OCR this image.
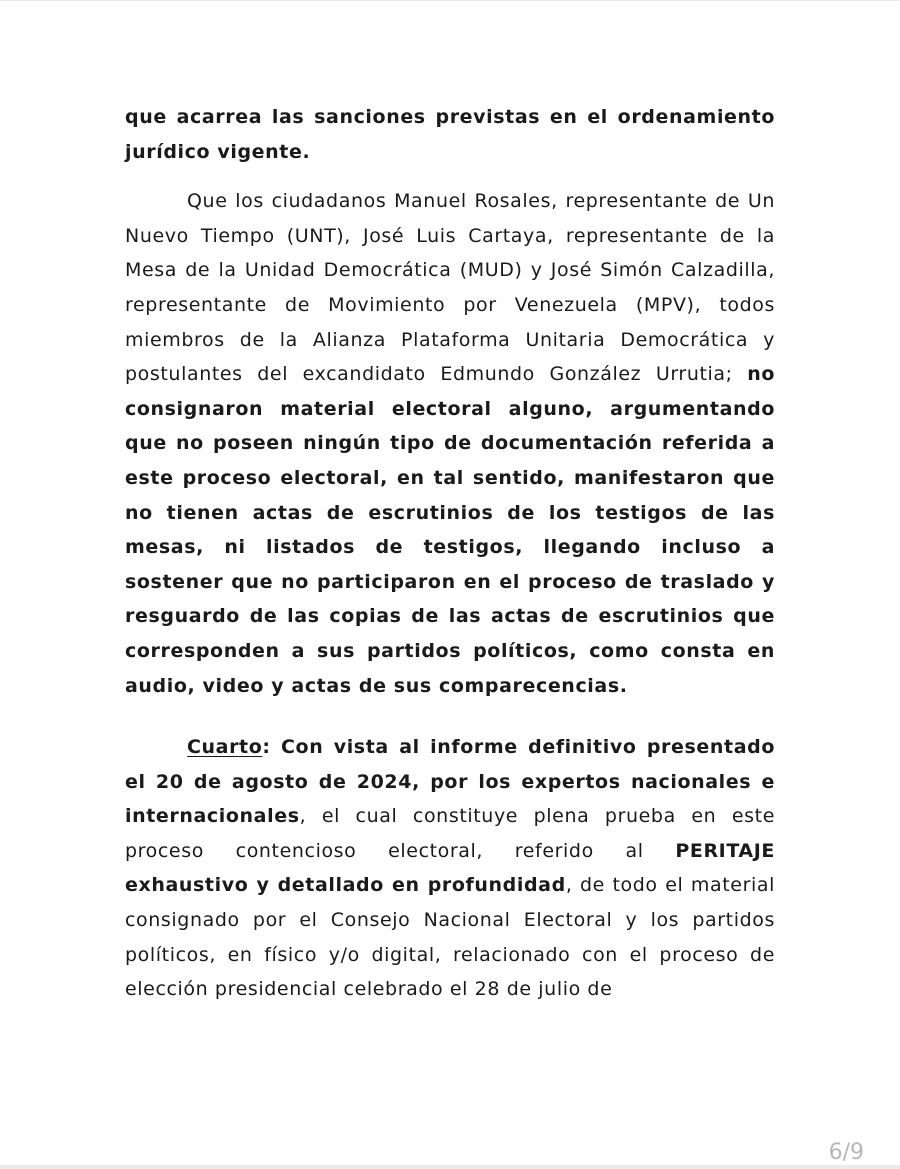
que acarrea las sanciones previstas en el ordenamiento jurídico vigente.

Que los ciudadanos Manuel Rosales, representante de Un Nuevo Tiempo (UNT), José Luis Cartaya, representante de la Mesa de la Unidad Democrática (MUD) y José Simón Calzadilla, representante de Movimiento por Venezuela (MPV), todos miembros de la Alianza Plataforma Unitaria Democrática y postulantes del excandidato Edmundo González Urrutia; no consignaron material electoral alguno, argumentando que no poseen ningún tipo de documentación referida a este proceso electoral, en tal sentido, manifestaron que no tienen actas de escrutinios de los testigos de las mesas, ni listados de testigos, llegando incluso a sostener que no participaron en el proceso de traslado y resguardo de las copias de las actas de escrutinios que corresponden a sus partidos políticos, como consta en audio, video y actas de sus comparecencias.

Cuarto: Con vista al informe definitivo presentado el 20 de agosto de 2024, por los expertos nacionales e internacionales, el cual constituye plena prueba en este proceso contencioso electoral, referido al PERITAJE exhaustivo y detallado en profundidad, de todo el material consignado por el Consejo Nacional Electoral y los partidos políticos, en físico y/o digital, relacionado con el proceso de elección presidencial celebrado el 28 de julio de

6/9
